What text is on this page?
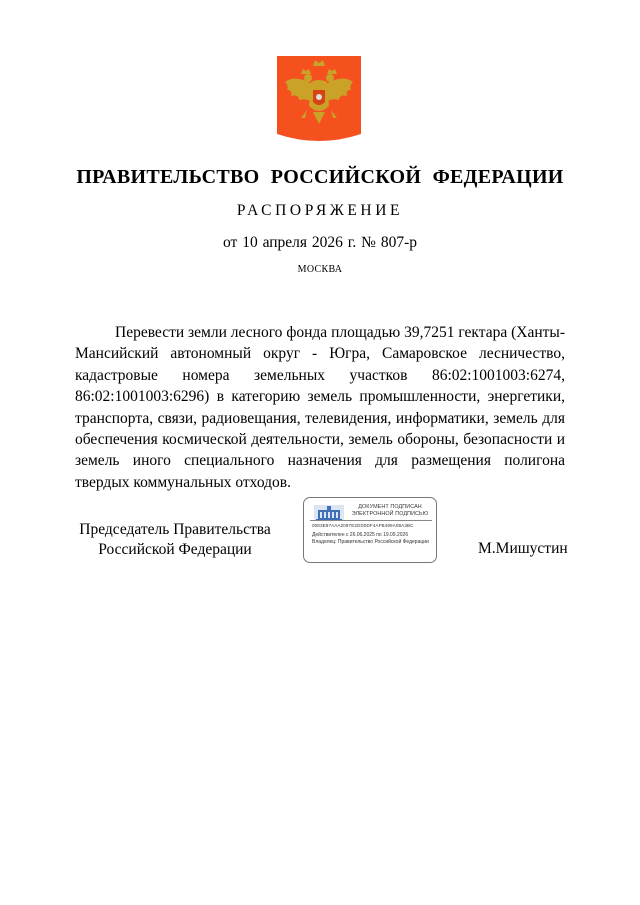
ПРАВИТЕЛЬСТВО РОССИЙСКОЙ ФЕДЕРАЦИИ
РАСПОРЯЖЕНИЕ
от 10 апреля 2026 г. № 807-р
МОСКВА
Перевести земли лесного фонда площадью 39,7251 гектара (Ханты-Мансийский автономный округ - Югра, Самаровское лесничество, кадастровые номера земельных участков 86:02:1001003:6274, 86:02:1001003:6296) в категорию земель промышленности, энергетики, транспорта, связи, радиовещания, телевидения, информатики, земель для обеспечения космической деятельности, земель обороны, безопасности и земель иного специального назначения для размещения полигона твердых коммунальных отходов.
Председатель Правительства
Российской Федерации
ДОКУМЕНТ ПОДПИСАН
ЭЛЕКТРОННОЙ ПОДПИСЬЮ
0083E97AAA2097E2DD0DF4AFB499A08A3BC
Действителен с 26.06.2025 по 19.09.2026
Владелец: Правительство Российской Федерации	М.Мишустин
